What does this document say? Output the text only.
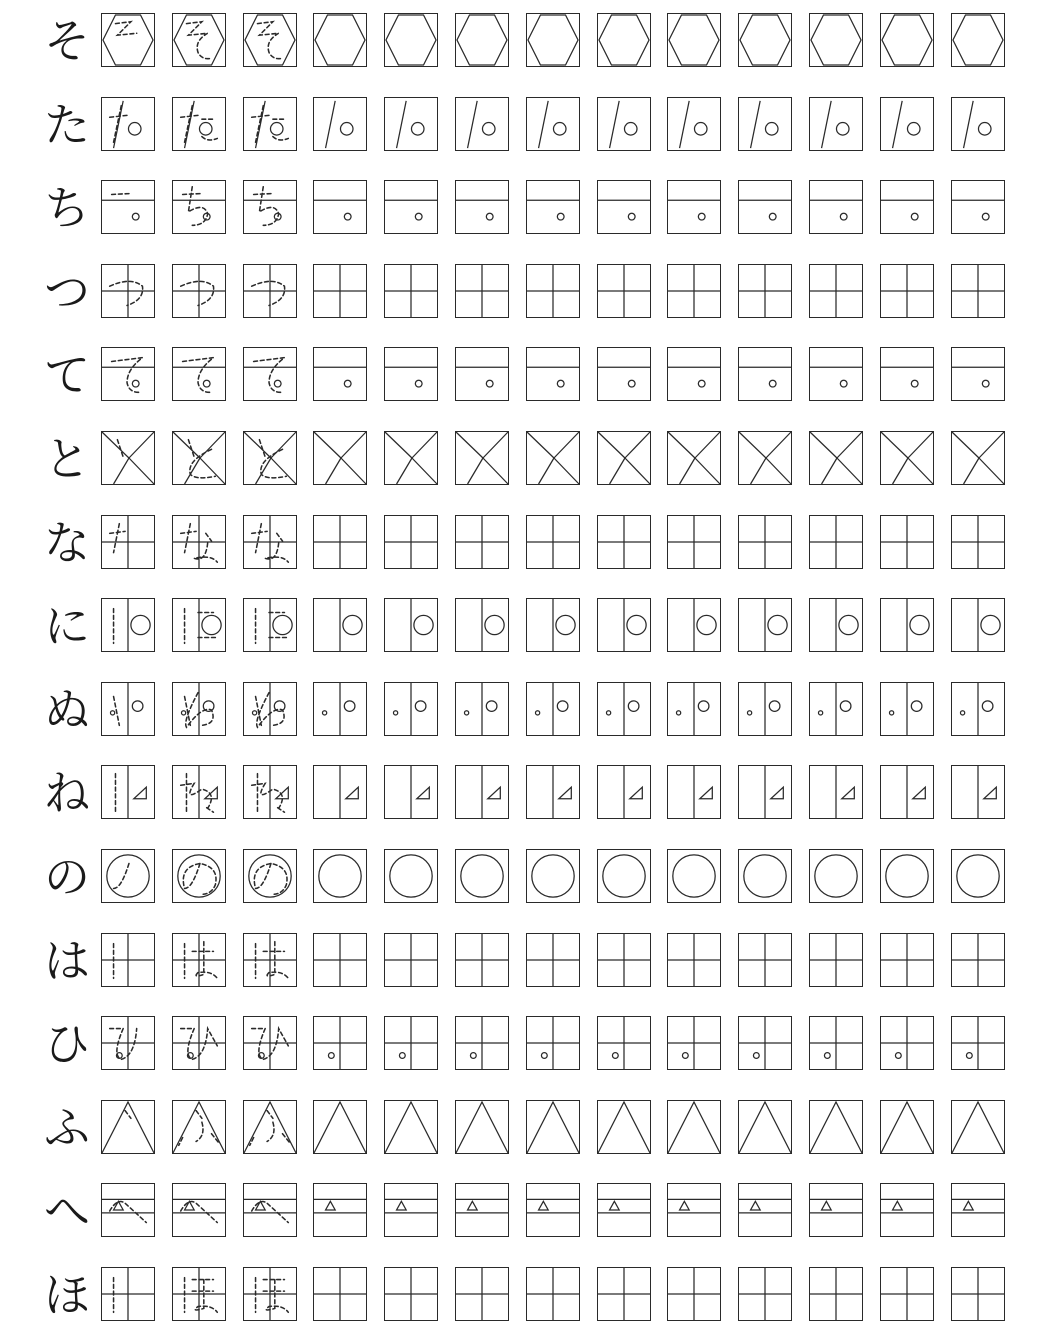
そ
た
ち
つ
て
と
な
に
ぬ
ね
の
は
ひ
ふ
へ
ほ
